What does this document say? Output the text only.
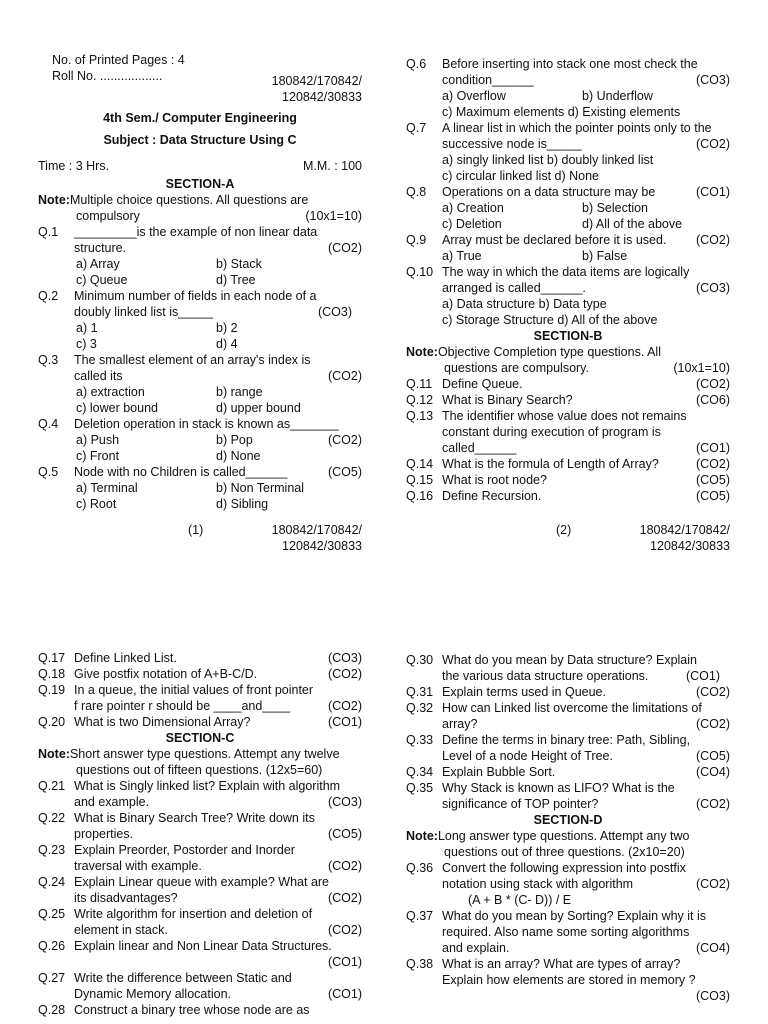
No. of Printed Pages : 4
Roll No. ..................	180842/170842/
120842/30833
4th Sem./ Computer Engineering
Subject : Data Structure Using C
Time : 3 Hrs.	M.M. : 100
SECTION-A
Note:Multiple choice questions. All questions are
compulsory	(10x1=10)
Q.1 _________is the example of non linear data
structure.	(CO2)
a) Array	b) Stack
c) Queue	d) Tree
Q.2 Minimum number of fields in each node of a
doubly linked list is_____	(CO3)
a) 1	b) 2
c) 3	d) 4
Q.3 The smallest element of an array's index is
called its	(CO2)
a) extraction	b) range
c) lower bound	d) upper bound
Q.4 Deletion operation in stack is known as_______
a) Push	b) Pop	(CO2)
c) Front	d) None
Q.5 Node with no Children is called______	(CO5)
a) Terminal	b) Non Terminal
c) Root	d) Sibling
(1)	180842/170842/
120842/30833
Q.6 Before inserting into stack one most check the
condition______	(CO3)
a) Overflow	b) Underflow
c) Maximum elements d) Existing elements
Q.7 A linear list in which the pointer points only to the
successive node is_____	(CO2)
a) singly linked list b) doubly linked list
c) circular linked list d) None
Q.8 Operations on a data structure may be	(CO1)
a) Creation	b) Selection
c) Deletion	d) All of the above
Q.9 Array must be declared before it is used. (CO2)
a) True	b) False
Q.10 The way in which the data items are logically
arranged is called______.	(CO3)
a) Data structure b) Data type
c) Storage Structure d) All of the above
SECTION-B
Note:Objective Completion type questions. All
questions are compulsory.	(10x1=10)
Q.11 Define Queue.	(CO2)
Q.12 What is Binary Search?	(CO6)
Q.13 The identifier whose value does not remains
constant during execution of program is
called______	(CO1)
Q.14 What is the formula of Length of Array?	(CO2)
Q.15 What is root node?	(CO5)
Q.16 Define Recursion.	(CO5)
(2)	180842/170842/
120842/30833
Q.17 Define Linked List.	(CO3)
Q.18 Give postfix notation of A+B-C/D.	(CO2)
Q.19 In a queue, the initial values of front pointer
f rare pointer r should be ____and____	(CO2)
Q.20 What is two Dimensional Array?	(CO1)
SECTION-C
Note:Short answer type questions. Attempt any twelve
questions out of fifteen questions. (12x5=60)
Q.21 What is Singly linked list? Explain with algorithm
and example.	(CO3)
Q.22 What is Binary Search Tree? Write down its
properties.	(CO5)
Q.23 Explain Preorder, Postorder and Inorder
traversal with example.	(CO2)
Q.24 Explain Linear queue with example? What are
its disadvantages?	(CO2)
Q.25 Write algorithm for insertion and deletion of
element in stack.	(CO2)
Q.26 Explain linear and Non Linear Data Structures.
(CO1)
Q.27 Write the difference between Static and
Dynamic Memory allocation.	(CO1)
Q.28 Construct a binary tree whose node are as
Q.30 What do you mean by Data structure? Explain
the various data structure operations.	(CO1)
Q.31 Explain terms used in Queue.	(CO2)
Q.32 How can Linked list overcome the limitations of
array?	(CO2)
Q.33 Define the terms in binary tree: Path, Sibling,
Level of a node Height of Tree.	(CO5)
Q.34 Explain Bubble Sort.	(CO4)
Q.35 Why Stack is known as LIFO? What is the
significance of TOP pointer?	(CO2)
SECTION-D
Note:Long answer type questions. Attempt any two
questions out of three questions. (2x10=20)
Q.36 Convert the following expression into postfix
notation using stack with algorithm	(CO2)
(A + B * (C- D)) / E
Q.37 What do you mean by Sorting? Explain why it is
required. Also name some sorting algorithms
and explain.	(CO4)
Q.38 What is an array? What are types of array?
Explain how elements are stored in memory ?
(CO3)
